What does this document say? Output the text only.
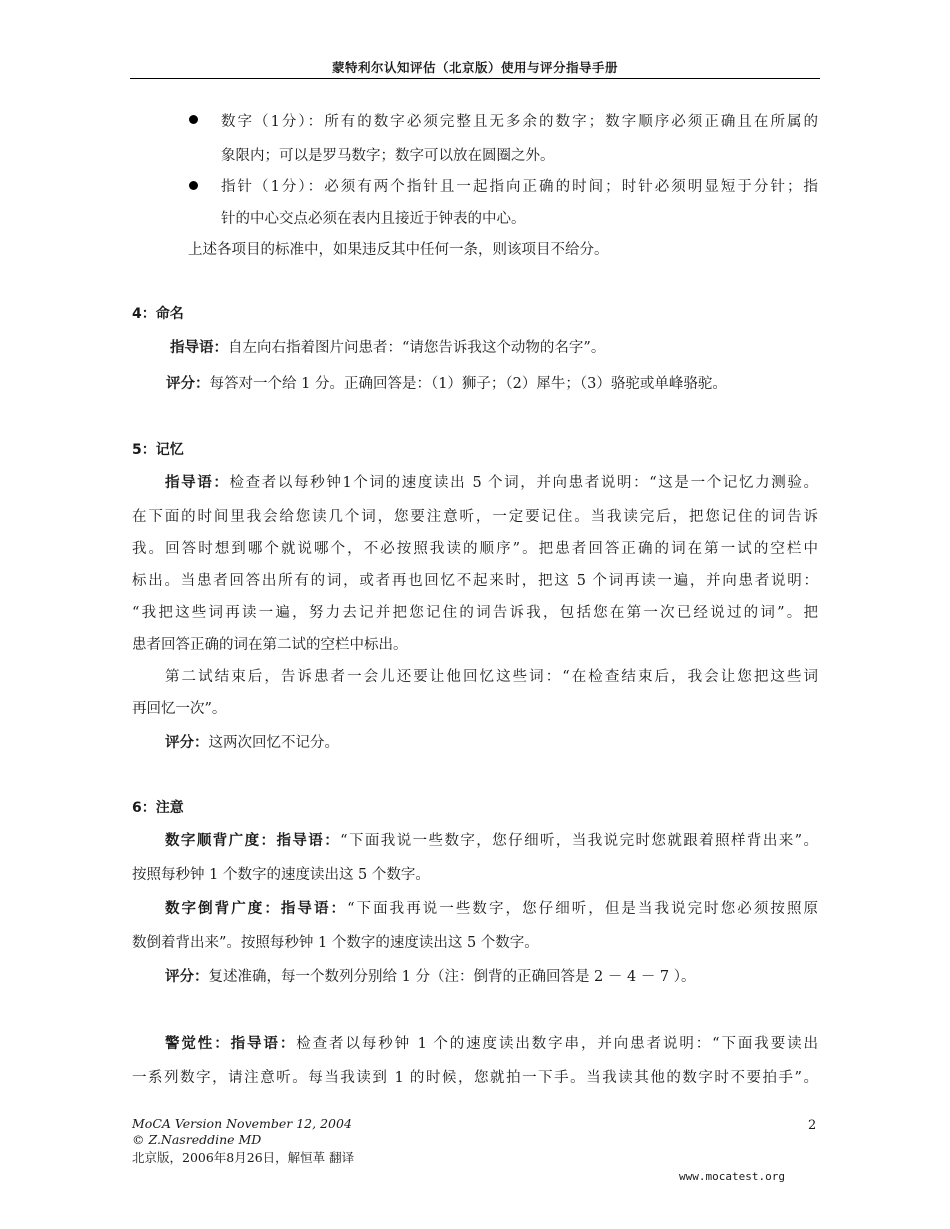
蒙特利尔认知评估（北京版）使用与评分指导手册
数字（1分）：所有的数字必须完整且无多余的数字；数字顺序必须正确且在所属的
象限内；可以是罗马数字；数字可以放在圆圈之外。
指针（1分）：必须有两个指针且一起指向正确的时间；时针必须明显短于分针；指
针的中心交点必须在表内且接近于钟表的中心。
上述各项目的标准中，如果违反其中任何一条，则该项目不给分。
4：命名
指导语：自左向右指着图片问患者：“请您告诉我这个动物的名字”。
评分：每答对一个给 1 分。正确回答是：（1）狮子；（2）犀牛；（3）骆驼或单峰骆驼。
5：记忆
指导语：检查者以每秒钟1个词的速度读出 5 个词，并向患者说明：“这是一个记忆力测验。
在下面的时间里我会给您读几个词，您要注意听，一定要记住。当我读完后，把您记住的词告诉
我。回答时想到哪个就说哪个，不必按照我读的顺序”。把患者回答正确的词在第一试的空栏中
标出。当患者回答出所有的词，或者再也回忆不起来时，把这 5 个词再读一遍，并向患者说明：
“我把这些词再读一遍，努力去记并把您记住的词告诉我，包括您在第一次已经说过的词”。把
患者回答正确的词在第二试的空栏中标出。
第二试结束后，告诉患者一会儿还要让他回忆这些词：“在检查结束后，我会让您把这些词
再回忆一次”。
评分：这两次回忆不记分。
6：注意
数字顺背广度：指导语：“下面我说一些数字，您仔细听，当我说完时您就跟着照样背出来”。
按照每秒钟 1 个数字的速度读出这 5 个数字。
数字倒背广度：指导语：“下面我再说一些数字，您仔细听，但是当我说完时您必须按照原
数倒着背出来”。按照每秒钟 1 个数字的速度读出这 5 个数字。
评分：复述准确，每一个数列分别给 1 分（注：倒背的正确回答是 2 － 4 － 7 ）。
警觉性：指导语：检查者以每秒钟 1 个的速度读出数字串，并向患者说明：“下面我要读出
一系列数字，请注意听。每当我读到 1 的时候，您就拍一下手。当我读其他的数字时不要拍手”。
MoCA Version November 12, 2004
© Z.Nasreddine MD
北京版，2006年8月26日，解恒革 翻译
2
www.mocatest.org
